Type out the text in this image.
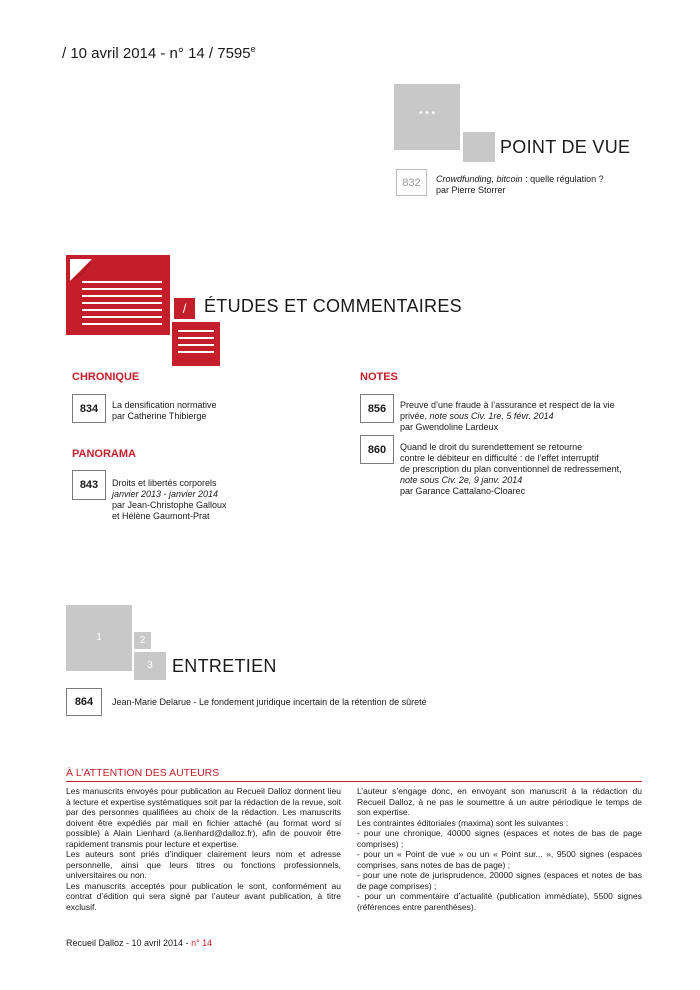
/ 10 avril 2014 - n° 14 / 7595e
• • •
POINT DE VUE
832	Crowdfunding, bitcoin : quelle régulation ?
par Pierre Storrer
/ ÉTUDES ET COMMENTAIRES
CHRONIQUE
834	La densification normative
par Catherine Thibierge
PANORAMA
843	Droits et libertés corporels
janvier 2013 - janvier 2014
par Jean-Christophe Galloux
et Hélène Gaumont-Prat
NOTES
856	Preuve d’une fraude à l’assurance et respect de la vie
privée, note sous Civ. 1re, 5 févr. 2014
par Gwendoline Lardeux
860	Quand le droit du surendettement se retourne
contre le débiteur en difficulté : de l’effet interruptif
de prescription du plan conventionnel de redressement,
note sous Civ. 2e, 9 janv. 2014
par Garance Cattalano-Cloarec
1	2
3	ENTRETIEN
864	Jean-Marie Delarue - Le fondement juridique incertain de la rétention de sûreté
À L’ATTENTION DES AUTEURS

Les manuscrits envoyés pour publication au Recueil Dalloz donnent lieu à lecture et expertise systématiques soit par la rédaction de la revue, soit par des personnes qualifiées au choix de la rédaction. Les manuscrits doivent être expédiés par mail en fichier attaché (au format word si possible) à Alain Lienhard (a.lienhard@dalloz.fr), afin de pouvoir être rapidement transmis pour lecture et expertise.

Les auteurs sont priés d’indiquer clairement leurs nom et adresse personnelle, ainsi que leurs titres ou fonctions professionnels, universitaires ou non.

Les manuscrits acceptés pour publication le sont, conformément au contrat d’édition qui sera signé par l’auteur avant publication, à titre exclusif.

L’auteur s’engage donc, en envoyant son manuscrit à la rédaction du Recueil Dalloz, à ne pas le soumettre à un autre périodique le temps de son expertise.

Les contraintes éditoriales (maxima) sont les suivantes :

- pour une chronique, 40000 signes (espaces et notes de bas de page comprises) ;

- pour un « Point de vue » ou un « Point sur... », 9500 signes (espaces comprises, sans notes de bas de page) ;

- pour une note de jurisprudence, 20000 signes (espaces et notes de bas de page comprises) ;

- pour un commentaire d’actualité (publication immédiate), 5500 signes (références entre parenthèses).

Recueil Dalloz - 10 avril 2014 - n° 14
